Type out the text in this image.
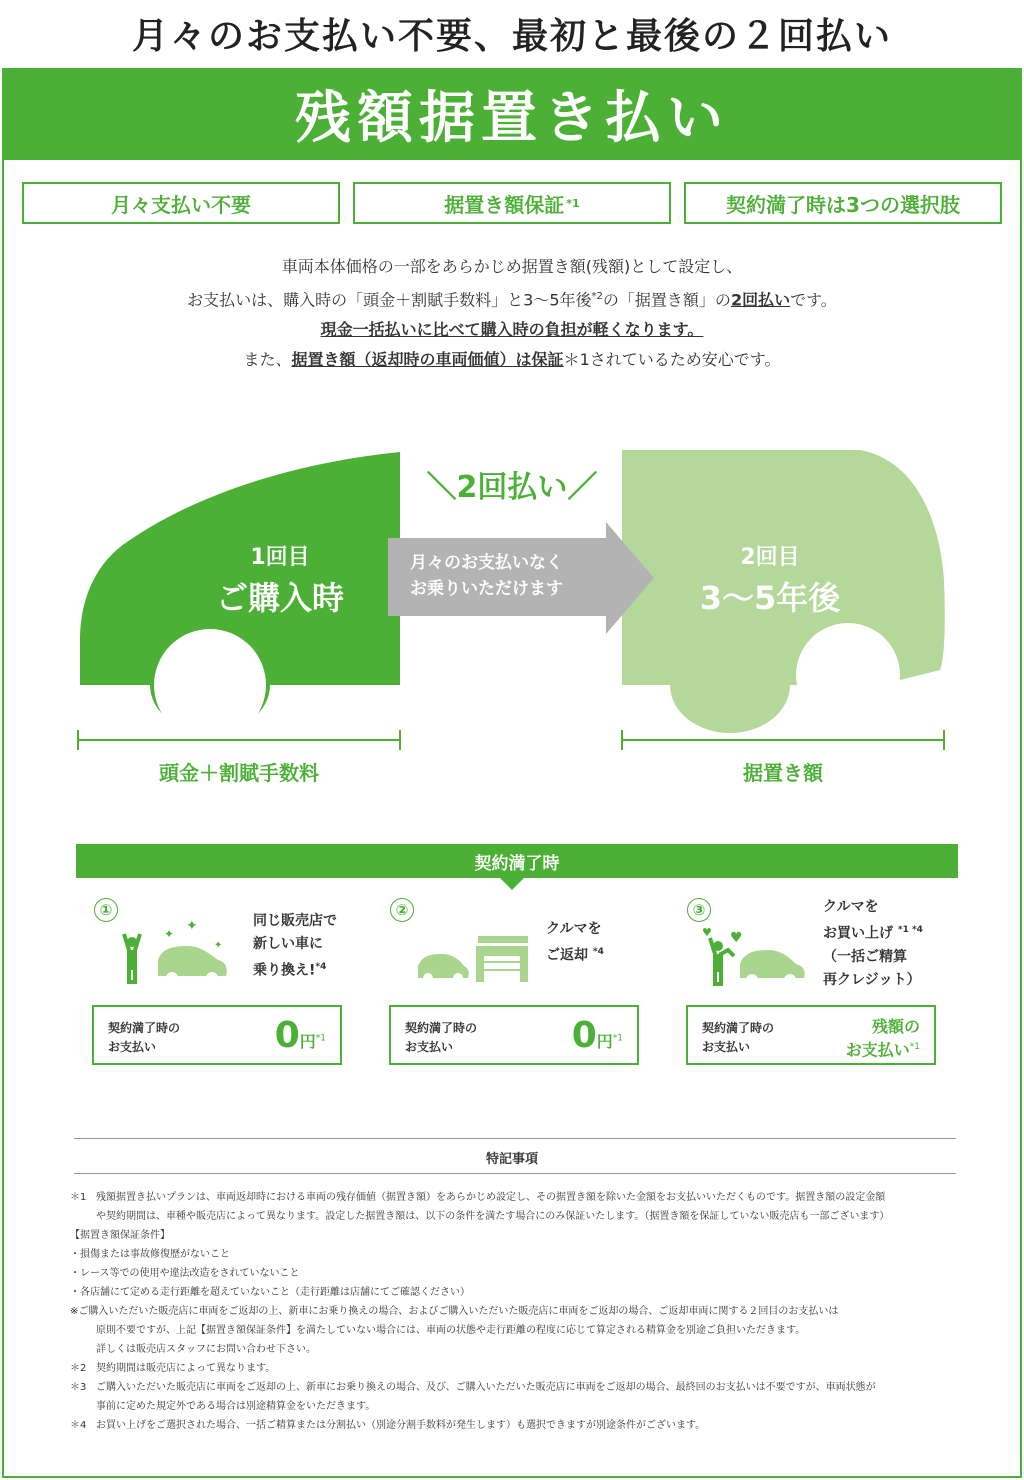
月々のお支払い不要、最初と最後の２回払い
残額据置き払い
月々支払い不要	据置き額保証 *1	契約満了時は3つの選択肢
車両本体価格の一部をあらかじめ据置き額(残額)として設定し、
お支払いは、購入時の「頭金＋割賦手数料」と3〜5年後$^{*2}$の「据置き額」の2回払いです。
現金一括払いに比べて購入時の負担が軽くなります。
また、据置き額（返却時の車両価値）は保証＊1されているため安心です。
＼2回払い／
1回目
ご購入時
月々のお支払いなく
お乗りいただけます
2回目
3〜5年後
頭金＋割賦手数料	据置き額
契約満了時
①
✦ ✦
✦
同じ販売店で
新しい車に
乗り換え!$^{*4}$
契約満了時の
お支払い	0円$^{*1}$
②
クルマを
ご返却 $^{*4}$
契約満了時の
お支払い	0円$^{*1}$
③
♥ ♥
クルマを
お買い上げ $^{*1 *4}$
（一括ご精算
再クレジット）
契約満了時の
お支払い
残額の
お支払い$^{*1}$
特記事項
＊1 残額据置き払いプランは、車両返却時における車両の残存価値（据置き額）をあらかじめ設定し、その据置き額を除いた金額をお支払いいただくものです。据置き額の設定金額
や契約期間は、車種や販売店によって異なります。設定した据置き額は、以下の条件を満たす場合にのみ保証いたします。（据置き額を保証していない販売店も一部ございます）
【据置き額保証条件】
・損傷または事故修復歴がないこと
・レース等での使用や違法改造をされていないこと
・各店舗にて定める走行距離を超えていないこと（走行距離は店舗にてご確認ください）
※ご購入いただいた販売店に車両をご返却の上、新車にお乗り換えの場合、およびご購入いただいた販売店に車両をご返却の場合、ご返却車両に関する２回目のお支払いは
原則不要ですが、上記【据置き額保証条件】を満たしていない場合には、車両の状態や走行距離の程度に応じて算定される精算金を別途ご負担いただきます。
詳しくは販売店スタッフにお問い合わせ下さい。
＊2 契約期間は販売店によって異なります。
＊3 ご購入いただいた販売店に車両をご返却の上、新車にお乗り換えの場合、及び、ご購入いただいた販売店に車両をご返却の場合、最終回のお支払いは不要ですが、車両状態が
事前に定めた規定外である場合は別途精算金をいただきます。
＊4 お買い上げをご選択された場合、一括ご精算または分割払い（別途分割手数料が発生します）も選択できますが別途条件がございます。
